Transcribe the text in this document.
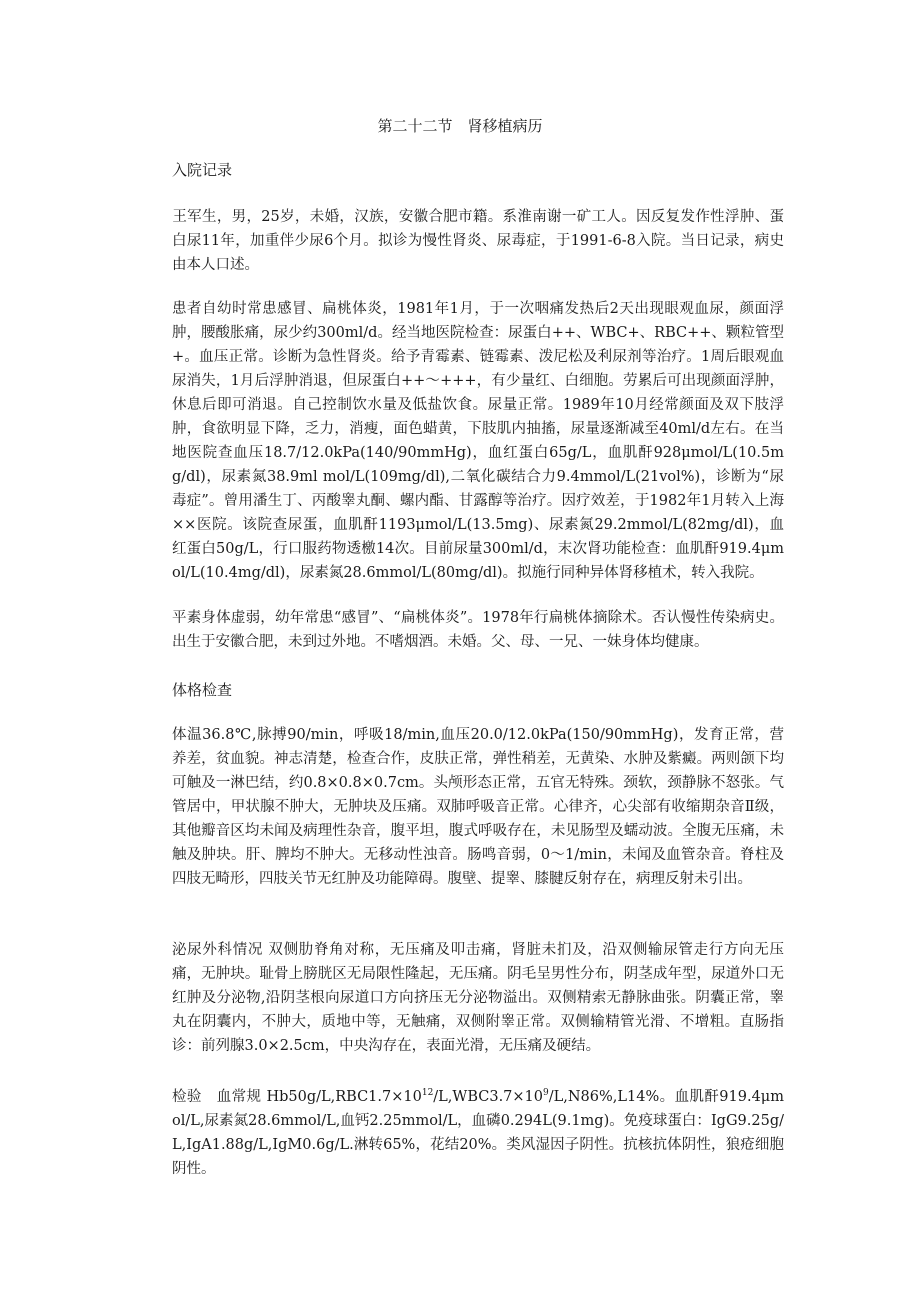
第二十二节　肾移植病历
入院记录

王军生，男，25岁，未婚，汉族，安徽合肥市籍。系淮南谢一矿工人。因反复发作性浮肿、蛋白尿11年，加重伴少尿6个月。拟诊为慢性肾炎、尿毒症，于1991-6-8入院。当日记录，病史由本人口述。

患者自幼时常患感冒、扁桃体炎，1981年1月，于一次咽痛发热后2天出现眼观血尿，颜面浮肿，腰酸胀痛，尿少约300ml/d。经当地医院检查：尿蛋白++、WBC+、RBC++、颗粒管型+。血压正常。诊断为急性肾炎。给予青霉素、链霉素、泼尼松及利尿剂等治疗。1周后眼观血尿消失，1月后浮肿消退，但尿蛋白++～+++，有少量红、白细胞。劳累后可出现颜面浮肿，休息后即可消退。自己控制饮水量及低盐饮食。尿量正常。1989年10月经常颜面及双下肢浮肿，食欲明显下降，乏力，消瘦，面色蜡黄，下肢肌内抽搐，尿量逐渐减至40ml/d左右。在当地医院查血压18.7/12.0kPa(140/90mmHg)，血红蛋白65g/L，血肌酐928μmol/L(10.5mg/dl)，尿素氮38.9ml mol/L(109mg/dl),二氧化碳结合力9.4mmol/L(21vol%)，诊断为“尿毒症”。曾用潘生丁、丙酸睾丸酮、螺内酯、甘露醇等治疗。因疗效差，于1982年1月转入上海××医院。该院查尿蛋，血肌酐1193μmol/L(13.5mg)、尿素氮29.2mmol/L(82mg/dl)，血红蛋白50g/L，行口服药物透檄14次。目前尿量300ml/d，末次肾功能检查：血肌酐919.4μmol/L(10.4mg/dl)，尿素氮28.6mmol/L(80mg/dl)。拟施行同种异体肾移植术，转入我院。

平素身体虚弱，幼年常患“感冒”、“扁桃体炎”。1978年行扁桃体摘除术。否认慢性传染病史。出生于安徽合肥，未到过外地。不嗜烟酒。未婚。父、母、一兄、一妹身体均健康。

体格检查

体温36.8℃,脉搏90/min，呼吸18/min,血压20.0/12.0kPa(150/90mmHg)，发育正常，营养差，贫血貌。神志清楚，检查合作，皮肤正常，弹性稍差，无黄染、水肿及紫癜。两则颌下均可触及一淋巴结，约0.8×0.8×0.7cm。头颅形态正常，五官无特殊。颈软，颈静脉不怒张。气管居中，甲状腺不肿大，无肿块及压痛。双肺呼吸音正常。心律齐，心尖部有收缩期杂音Ⅱ级，其他瓣音区均未闻及病理性杂音，腹平坦，腹式呼吸存在，未见肠型及蠕动波。全腹无压痛，未触及肿块。肝、脾均不肿大。无移动性浊音。肠鸣音弱，0～1/min，未闻及血管杂音。脊柱及四肢无畸形，四肢关节无红肿及功能障碍。腹壁、提睾、膝腱反射存在，病理反射未引出。

泌尿外科情况 双侧肋脊角对称，无压痛及叩击痛，肾脏未扪及，沿双侧输尿管走行方向无压痛，无肿块。耻骨上膀胱区无局限性隆起，无压痛。阴毛呈男性分布，阴茎成年型，尿道外口无红肿及分泌物,沿阴茎根向尿道口方向挤压无分泌物溢出。双侧精索无静脉曲张。阴囊正常，睾丸在阴囊内，不肿大，质地中等，无触痛，双侧附睾正常。双侧输精管光滑、不增粗。直肠指诊：前列腺3.0×2.5cm，中央沟存在，表面光滑，无压痛及硬结。

检验　血常规 $Hb50g/L,RBC1.7\times 10^{12}/L,WBC3.7\times 10^9/L,N86\%,L14\%$。血肌酐919.4μmol/L,尿素氮28.6mmol/L,血钙2.25mmol/L，血磷0.294L(9.1mg)。免疫球蛋白：IgG9.25g/L,IgA1.88g/L,IgM0.6g/L.淋转65%，花结20%。类风湿因子阴性。抗核抗体阴性，狼疮细胞阴性。
